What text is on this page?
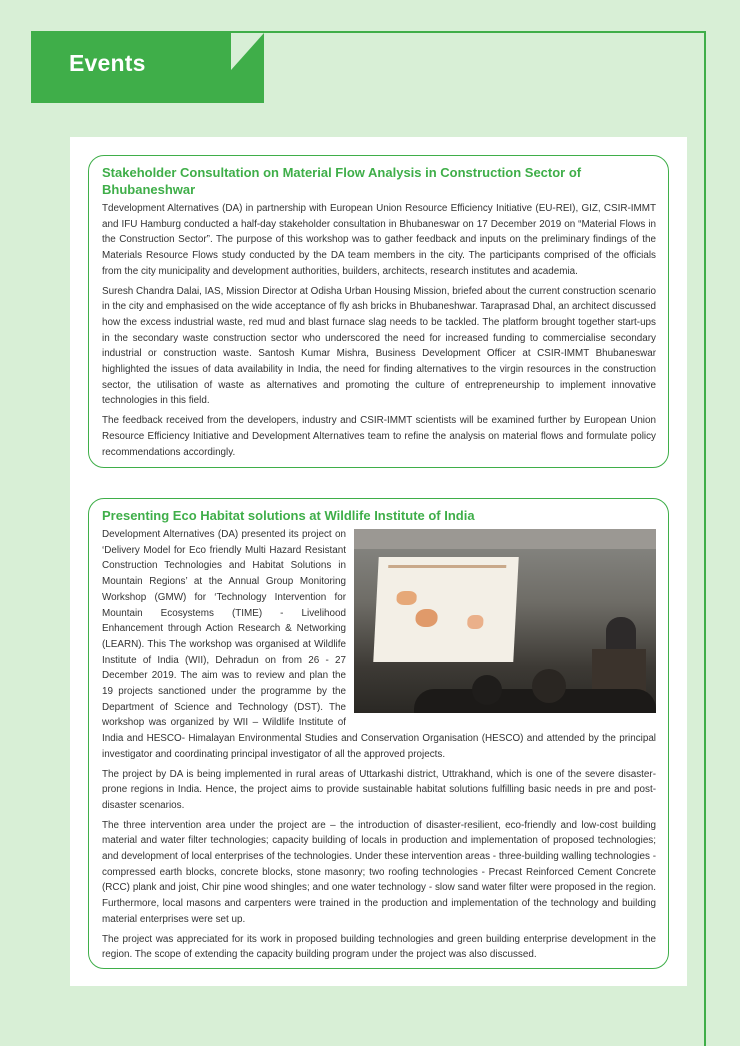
Events
Stakeholder Consultation on Material Flow Analysis in Construction Sector of Bhubaneshwar

Tdevelopment Alternatives (DA) in partnership with European Union Resource Efficiency Initiative (EU-REI), GIZ, CSIR-IMMT and IFU Hamburg conducted a half-day stakeholder consultation in Bhubaneswar on 17 December 2019 on “Material Flows in the Construction Sector”. The purpose of this workshop was to gather feedback and inputs on the preliminary findings of the Materials Resource Flows study conducted by the DA team members in the city. The participants comprised of the officials from the city municipality and development authorities, builders, architects, research institutes and academia.

Suresh Chandra Dalai, IAS, Mission Director at Odisha Urban Housing Mission, briefed about the current construction scenario in the city and emphasised on the wide acceptance of fly ash bricks in Bhubaneshwar. Taraprasad Dhal, an architect discussed how the excess industrial waste, red mud and blast furnace slag needs to be tackled. The platform brought together start-ups in the secondary waste construction sector who underscored the need for increased funding to commercialise secondary industrial or construction waste. Santosh Kumar Mishra, Business Development Officer at CSIR-IMMT Bhubaneswar highlighted the issues of data availability in India, the need for finding alternatives to the virgin resources in the construction sector, the utilisation of waste as alternatives and promoting the culture of entrepreneurship to implement innovative technologies in this field.

The feedback received from the developers, industry and CSIR-IMMT scientists will be examined further by European Union Resource Efficiency Initiative and Development Alternatives team to refine the analysis on material flows and formulate policy recommendations accordingly.

Presenting Eco Habitat solutions at Wildlife Institute of India

Development Alternatives (DA) presented its project on ‘Delivery Model for Eco friendly Multi Hazard Resistant Construction Technologies and Habitat Solutions in Mountain Regions’ at the Annual Group Monitoring Workshop (GMW) for ‘Technology Intervention for Mountain Ecosystems (TIME) - Livelihood Enhancement through Action Research & Networking (LEARN). This The workshop was organised at Wildlife Institute of India (WII), Dehradun on from 26 - 27 December 2019. The aim was to review and plan the 19 projects sanctioned under the programme by the Department of Science and Technology (DST). The workshop was organized by WII – Wildlife Institute of India and HESCO- Himalayan Environmental Studies and Conservation Organisation (HESCO) and attended by the principal investigator and coordinating principal investigator of all the approved projects.

The project by DA is being implemented in rural areas of Uttarkashi district, Uttrakhand, which is one of the severe disaster-prone regions in India. Hence, the project aims to provide sustainable habitat solutions fulfilling basic needs in pre and post-disaster scenarios.

The three intervention area under the project are – the introduction of disaster-resilient, eco-friendly and low-cost building material and water filter technologies; capacity building of locals in production and implementation of proposed technologies; and development of local enterprises of the technologies. Under these intervention areas - three-building walling technologies - compressed earth blocks, concrete blocks, stone masonry; two roofing technologies - Precast Reinforced Cement Concrete (RCC) plank and joist, Chir pine wood shingles; and one water technology - slow sand water filter were proposed in the region. Furthermore, local masons and carpenters were trained in the production and implementation of the technology and building material enterprises were set up.

The project was appreciated for its work in proposed building technologies and green building enterprise development in the region. The scope of extending the capacity building program under the project was also discussed.
